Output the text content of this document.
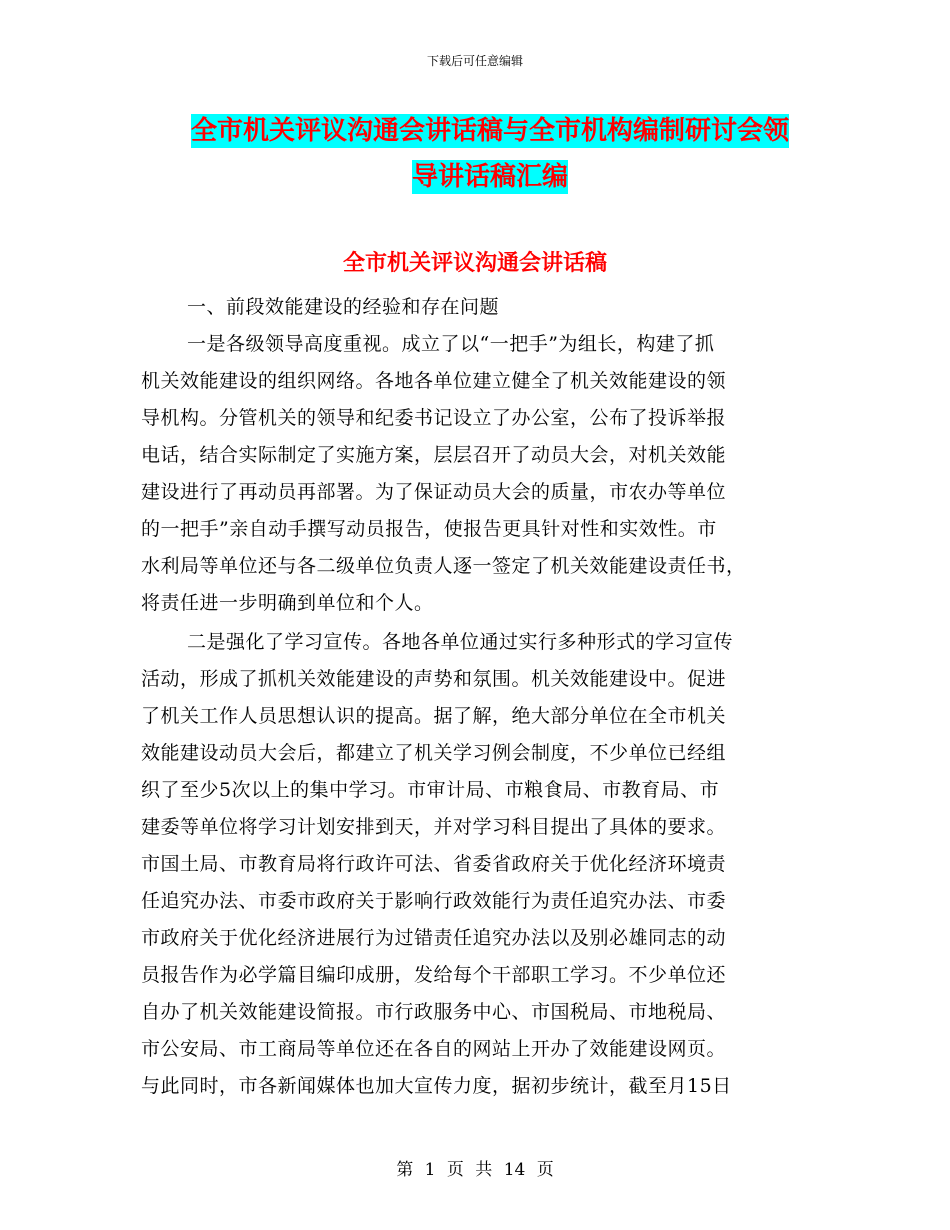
下载后可任意编辑
全市机关评议沟通会讲话稿与全市机构编制研讨会领
导讲话稿汇编
全市机关评议沟通会讲话稿
一、前段效能建设的经验和存在问题
一是各级领导高度重视。成立了以“一把手”为组长，构建了抓
机关效能建设的组织网络。各地各单位建立健全了机关效能建设的领
导机构。分管机关的领导和纪委书记设立了办公室，公布了投诉举报
电话，结合实际制定了实施方案，层层召开了动员大会，对机关效能
建设进行了再动员再部署。为了保证动员大会的质量，市农办等单位
的一把手”亲自动手撰写动员报告，使报告更具针对性和实效性。市
水利局等单位还与各二级单位负责人逐一签定了机关效能建设责任书，
将责任进一步明确到单位和个人。
二是强化了学习宣传。各地各单位通过实行多种形式的学习宣传
活动，形成了抓机关效能建设的声势和氛围。机关效能建设中。促进
了机关工作人员思想认识的提高。据了解，绝大部分单位在全市机关
效能建设动员大会后，都建立了机关学习例会制度，不少单位已经组
织了至少5次以上的集中学习。市审计局、市粮食局、市教育局、市
建委等单位将学习计划安排到天，并对学习科目提出了具体的要求。
市国土局、市教育局将行政许可法、省委省政府关于优化经济环境责
任追究办法、市委市政府关于影响行政效能行为责任追究办法、市委
市政府关于优化经济进展行为过错责任追究办法以及别必雄同志的动
员报告作为必学篇目编印成册，发给每个干部职工学习。不少单位还
自办了机关效能建设简报。市行政服务中心、市国税局、市地税局、
市公安局、市工商局等单位还在各自的网站上开办了效能建设网页。
与此同时，市各新闻媒体也加大宣传力度，据初步统计，截至月15日
第 1 页 共 14 页
